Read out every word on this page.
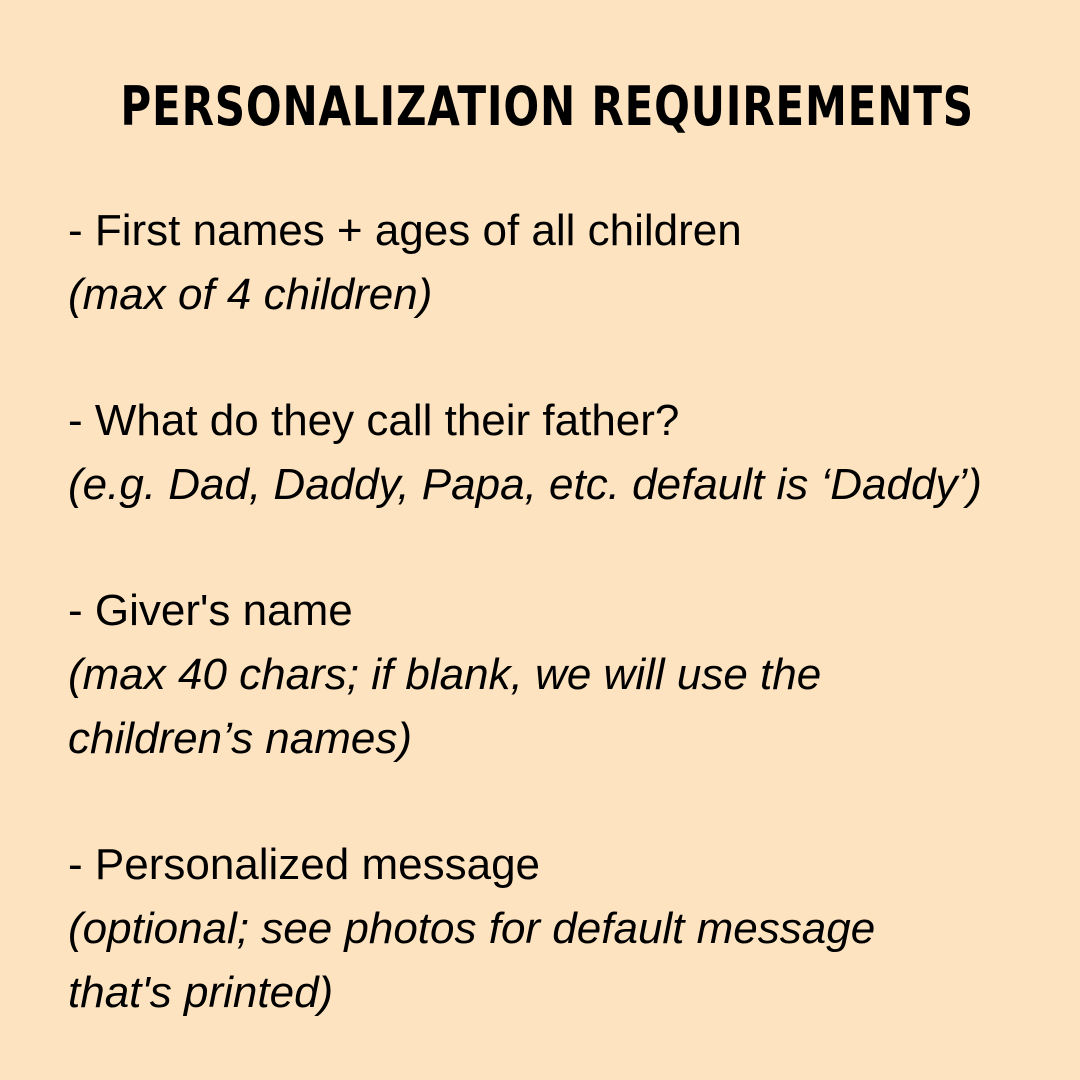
PERSONALIZATION REQUIREMENTS
- First names + ages of all children
(max of 4 children)
- What do they call their father?
(e.g. Dad, Daddy, Papa, etc. default is ‘Daddy’)
- Giver's name
(max 40 chars; if blank, we will use the
children’s names)
- Personalized message
(optional; see photos for default message
that's printed)
